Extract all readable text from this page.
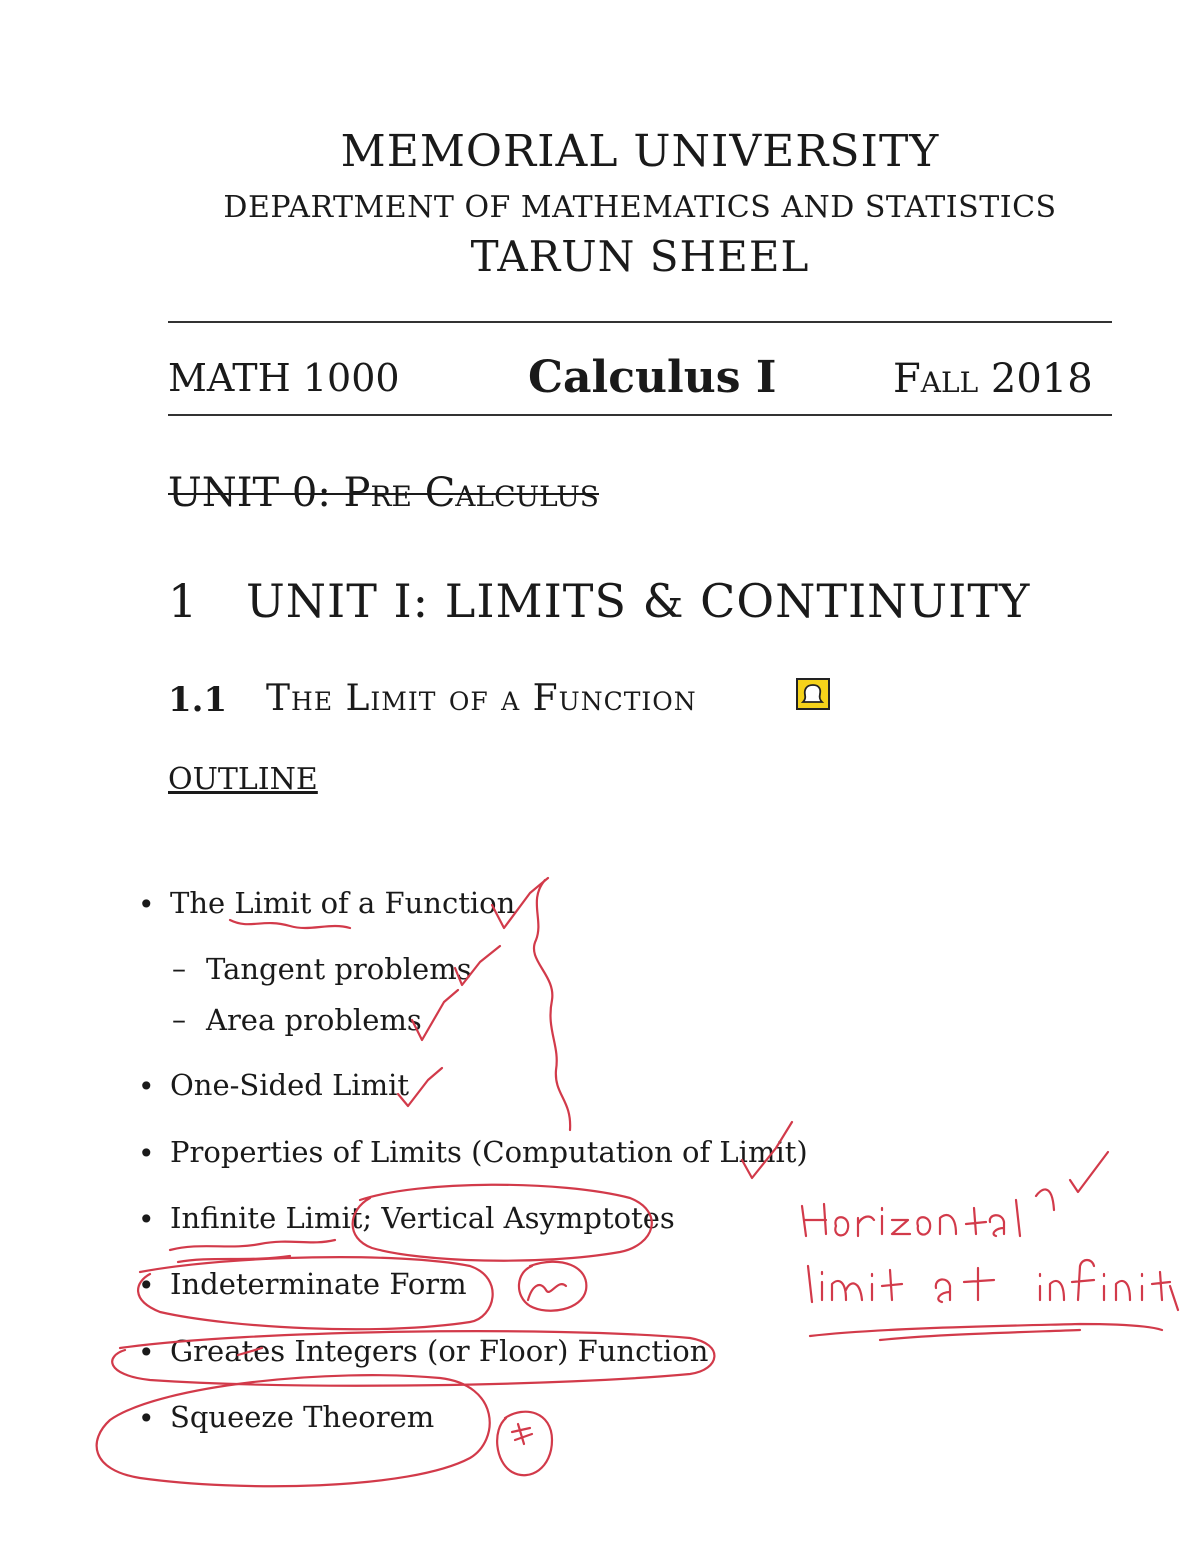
MEMORIAL UNIVERSITY
DEPARTMENT OF MATHEMATICS AND STATISTICS
TARUN SHEEL
MATH 1000	Calculus I	Fall 2018
UNIT 0: Pre Calculus
1 UNIT I: LIMITS & CONTINUITY
1.1 The Limit of a Function
OUTLINE
• The Limit of a Function
– Tangent problems
– Area problems
• One-Sided Limit
• Properties of Limits (Computation of Limit)
• Infinite Limit; Vertical Asymptotes
• Indeterminate Form
• Greates Integers (or Floor) Function
• Squeeze Theorem
